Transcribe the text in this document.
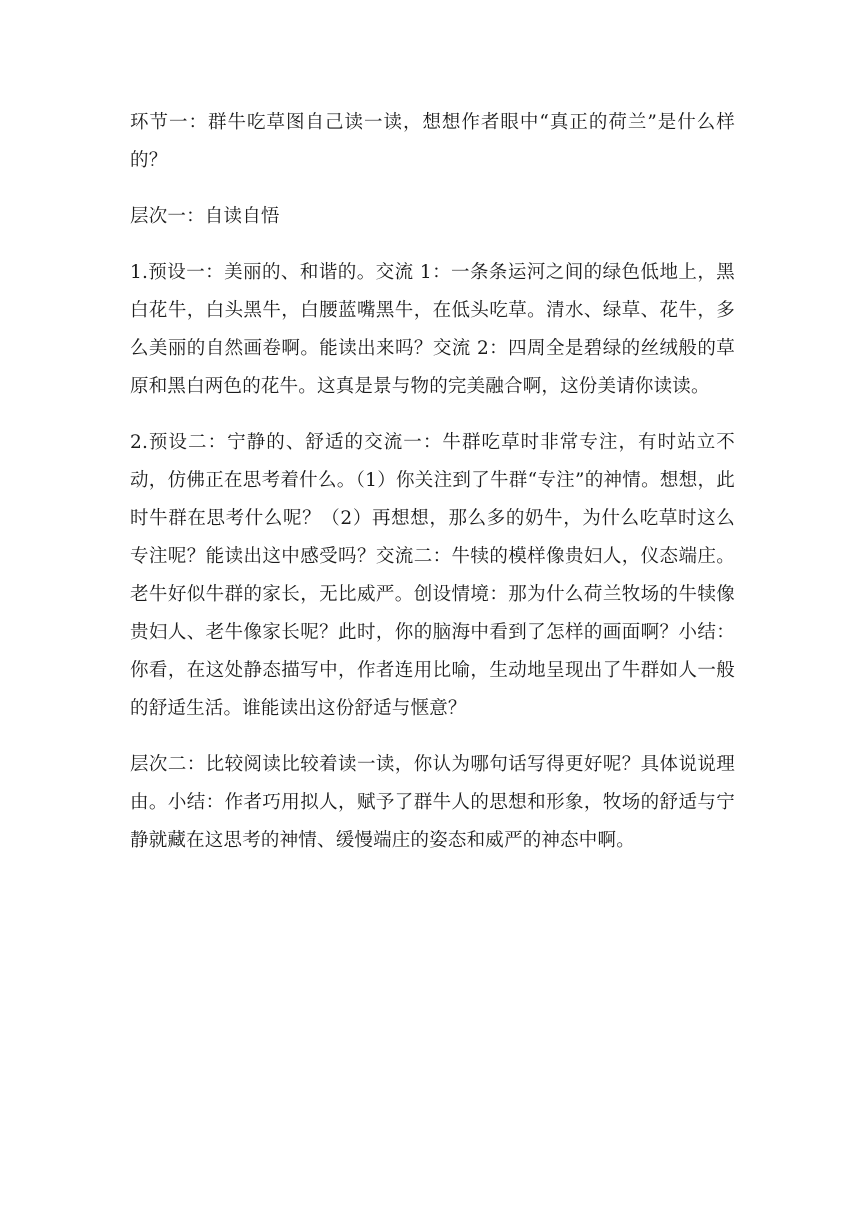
环节一：群牛吃草图自己读一读，想想作者眼中“真正的荷兰”是什么样的？

层次一：自读自悟

1.预设一：美丽的、和谐的。交流 1：一条条运河之间的绿色低地上，黑白花牛，白头黑牛，白腰蓝嘴黑牛，在低头吃草。清水、绿草、花牛，多么美丽的自然画卷啊。能读出来吗？交流 2：四周全是碧绿的丝绒般的草原和黑白两色的花牛。这真是景与物的完美融合啊，这份美请你读读。

2.预设二：宁静的、舒适的交流一：牛群吃草时非常专注，有时站立不动，仿佛正在思考着什么。（1）你关注到了牛群“专注”的神情。想想，此时牛群在思考什么呢？（2）再想想，那么多的奶牛，为什么吃草时这么专注呢？能读出这中感受吗？交流二：牛犊的模样像贵妇人，仪态端庄。老牛好似牛群的家长，无比威严。创设情境：那为什么荷兰牧场的牛犊像贵妇人、老牛像家长呢？此时，你的脑海中看到了怎样的画面啊？小结：你看，在这处静态描写中，作者连用比喻，生动地呈现出了牛群如人一般的舒适生活。谁能读出这份舒适与惬意？

层次二：比较阅读比较着读一读，你认为哪句话写得更好呢？具体说说理由。小结：作者巧用拟人，赋予了群牛人的思想和形象，牧场的舒适与宁静就藏在这思考的神情、缓慢端庄的姿态和威严的神态中啊。
